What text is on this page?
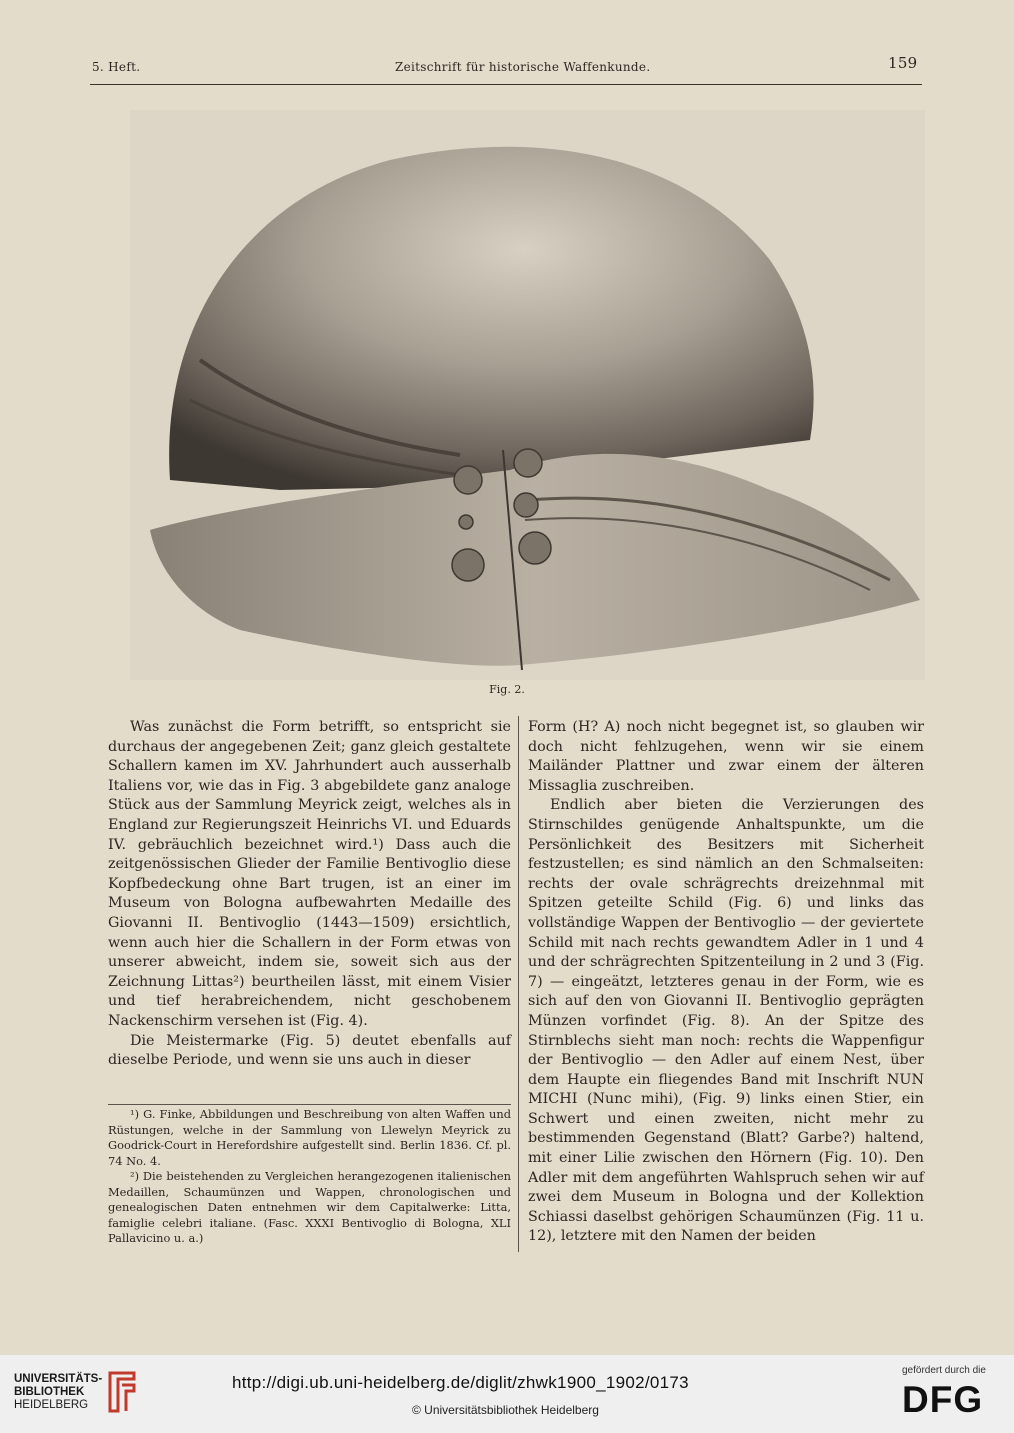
5. Heft.	Zeitschrift für historische Waffenkunde.	159
Fig. 2.

Was zunächst die Form betrifft, so entspricht sie durchaus der angegebenen Zeit; ganz gleich gestaltete Schallern kamen im XV. Jahrhundert auch ausserhalb Italiens vor, wie das in Fig. 3 abgebildete ganz analoge Stück aus der Sammlung Meyrick zeigt, welches als in England zur Regierungszeit Heinrichs VI. und Eduards IV. gebräuchlich bezeichnet wird.¹) Dass auch die zeitgenössischen Glieder der Familie Bentivoglio diese Kopfbedeckung ohne Bart trugen, ist an einer im Museum von Bologna aufbewahrten Medaille des Giovanni II. Bentivoglio (1443—1509) ersichtlich, wenn auch hier die Schallern in der Form etwas von unserer abweicht, indem sie, soweit sich aus der Zeichnung Littas²) beurtheilen lässt, mit einem Visier und tief herabreichendem, nicht geschobenem Nackenschirm versehen ist (Fig. 4).

Die Meistermarke (Fig. 5) deutet ebenfalls auf dieselbe Periode, und wenn sie uns auch in dieser

Form (H? A) noch nicht begegnet ist, so glauben wir doch nicht fehlzugehen, wenn wir sie einem Mailänder Plattner und zwar einem der älteren Missaglia zuschreiben.

Endlich aber bieten die Verzierungen des Stirnschildes genügende Anhaltspunkte, um die Persönlichkeit des Besitzers mit Sicherheit festzustellen; es sind nämlich an den Schmalseiten: rechts der ovale schrägrechts dreizehnmal mit Spitzen geteilte Schild (Fig. 6) und links das vollständige Wappen der Bentivoglio — der geviertete Schild mit nach rechts gewandtem Adler in 1 und 4 und der schrägrechten Spitzenteilung in 2 und 3 (Fig. 7) — eingeätzt, letzteres genau in der Form, wie es sich auf den von Giovanni II. Bentivoglio geprägten Münzen vorfindet (Fig. 8). An der Spitze des Stirnblechs sieht man noch: rechts die Wappenfigur der Bentivoglio — den Adler auf einem Nest, über dem Haupte ein fliegendes Band mit Inschrift NUN MICHI (Nunc mihi), (Fig. 9) links einen Stier, ein Schwert und einen zweiten, nicht mehr zu bestimmenden Gegenstand (Blatt? Garbe?) haltend, mit einer Lilie zwischen den Hörnern (Fig. 10). Den Adler mit dem angeführten Wahlspruch sehen wir auf zwei dem Museum in Bologna und der Kollektion Schiassi daselbst gehörigen Schaumünzen (Fig. 11 u. 12), letztere mit den Namen der beiden

¹) G. Finke, Abbildungen und Beschreibung von alten Waffen und Rüstungen, welche in der Sammlung von Llewelyn Meyrick zu Goodrick-Court in Herefordshire aufgestellt sind. Berlin 1836. Cf. pl. 74 No. 4.

²) Die beistehenden zu Vergleichen herangezogenen italienischen Medaillen, Schaumünzen und Wappen, chronologischen und genealogischen Daten entnehmen wir dem Capitalwerke: Litta, famiglie celebri italiane. (Fasc. XXXI Bentivoglio di Bologna, XLI Pallavicino u. a.)

UNIVERSITÄTS-
BIBLIOTHEK
HEIDELBERG
http://digi.ub.uni-heidelberg.de/diglit/zhwk1900_1902/0173
© Universitätsbibliothek Heidelberg
gefördert durch die
DFG
